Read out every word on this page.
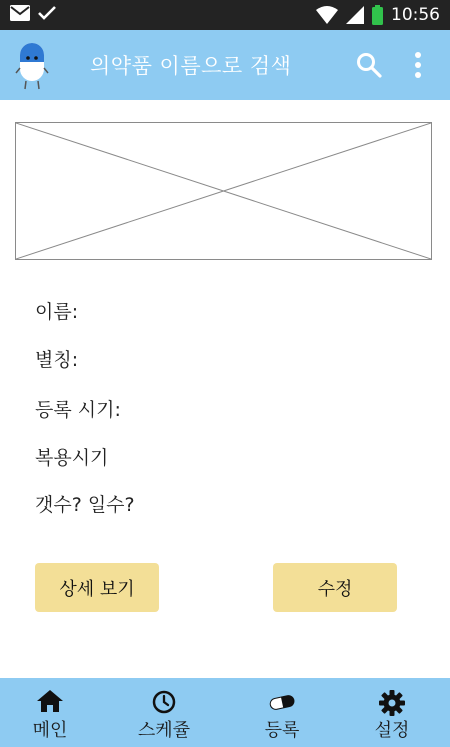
10:56
의약품 이름으로 검색
이름:
별칭:
등록 시기:
복용시기
갯수? 일수?
상세 보기	수정
메인	스케쥴	등록	설정
